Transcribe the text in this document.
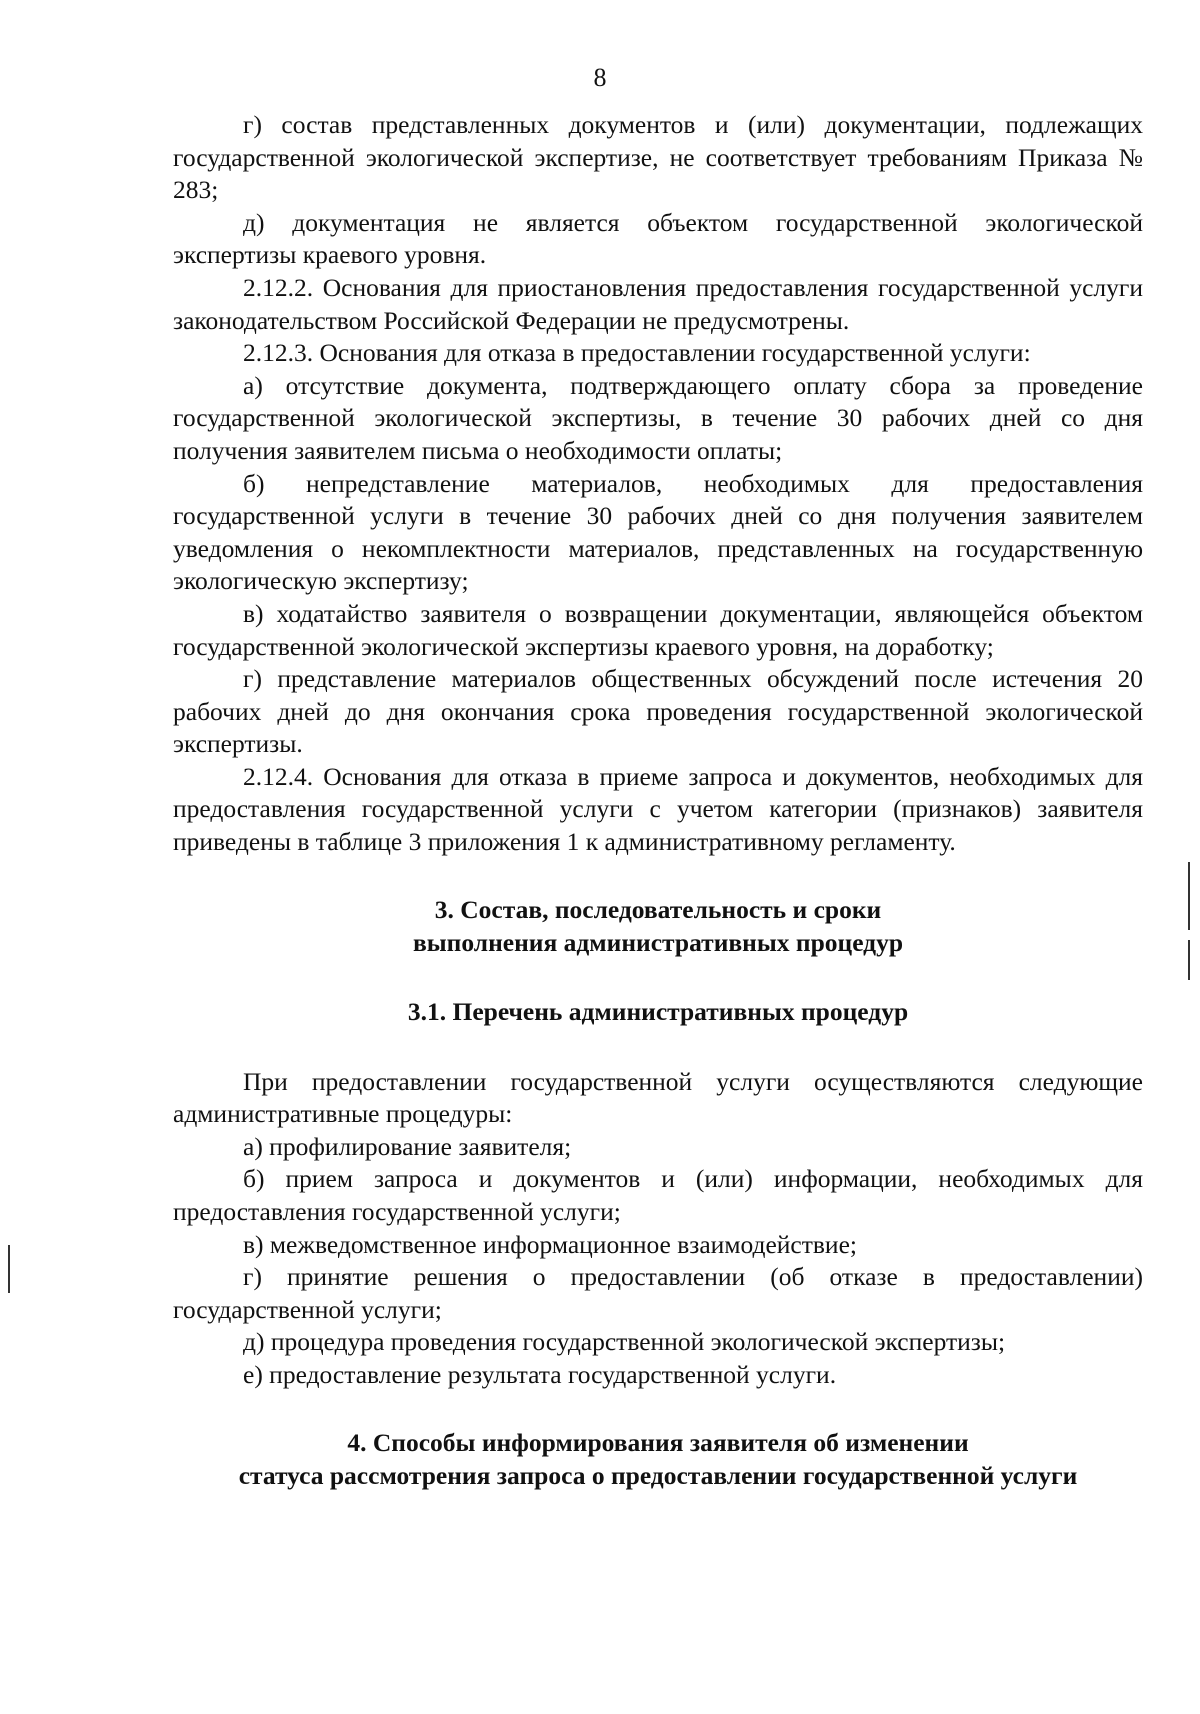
8

г) состав представленных документов и (или) документации, подлежащих государственной экологической экспертизе, не соответствует требованиям Приказа № 283;

д) документация не является объектом государственной экологической экспертизы краевого уровня.

2.12.2. Основания для приостановления предоставления государственной услуги законодательством Российской Федерации не предусмотрены.

2.12.3. Основания для отказа в предоставлении государственной услуги:

а) отсутствие документа, подтверждающего оплату сбора за проведение государственной экологической экспертизы, в течение 30 рабочих дней со дня получения заявителем письма о необходимости оплаты;

б) непредставление материалов, необходимых для предоставления государственной услуги в течение 30 рабочих дней со дня получения заявителем уведомления о некомплектности материалов, представленных на государственную экологическую экспертизу;

в) ходатайство заявителя о возвращении документации, являющейся объектом государственной экологической экспертизы краевого уровня, на доработку;

г) представление материалов общественных обсуждений после истечения 20 рабочих дней до дня окончания срока проведения государственной экологической экспертизы.

2.12.4. Основания для отказа в приеме запроса и документов, необходимых для предоставления государственной услуги с учетом категории (признаков) заявителя приведены в таблице 3 приложения 1 к административному регламенту.

3. Состав, последовательность и сроки
выполнения административных процедур
3.1. Перечень административных процедур

При предоставлении государственной услуги осуществляются следующие административные процедуры:

а) профилирование заявителя;

б) прием запроса и документов и (или) информации, необходимых для предоставления государственной услуги;

в) межведомственное информационное взаимодействие;

г) принятие решения о предоставлении (об отказе в предоставлении) государственной услуги;

д) процедура проведения государственной экологической экспертизы;

е) предоставление результата государственной услуги.

4. Способы информирования заявителя об изменении
статуса рассмотрения запроса о предоставлении государственной услуги
